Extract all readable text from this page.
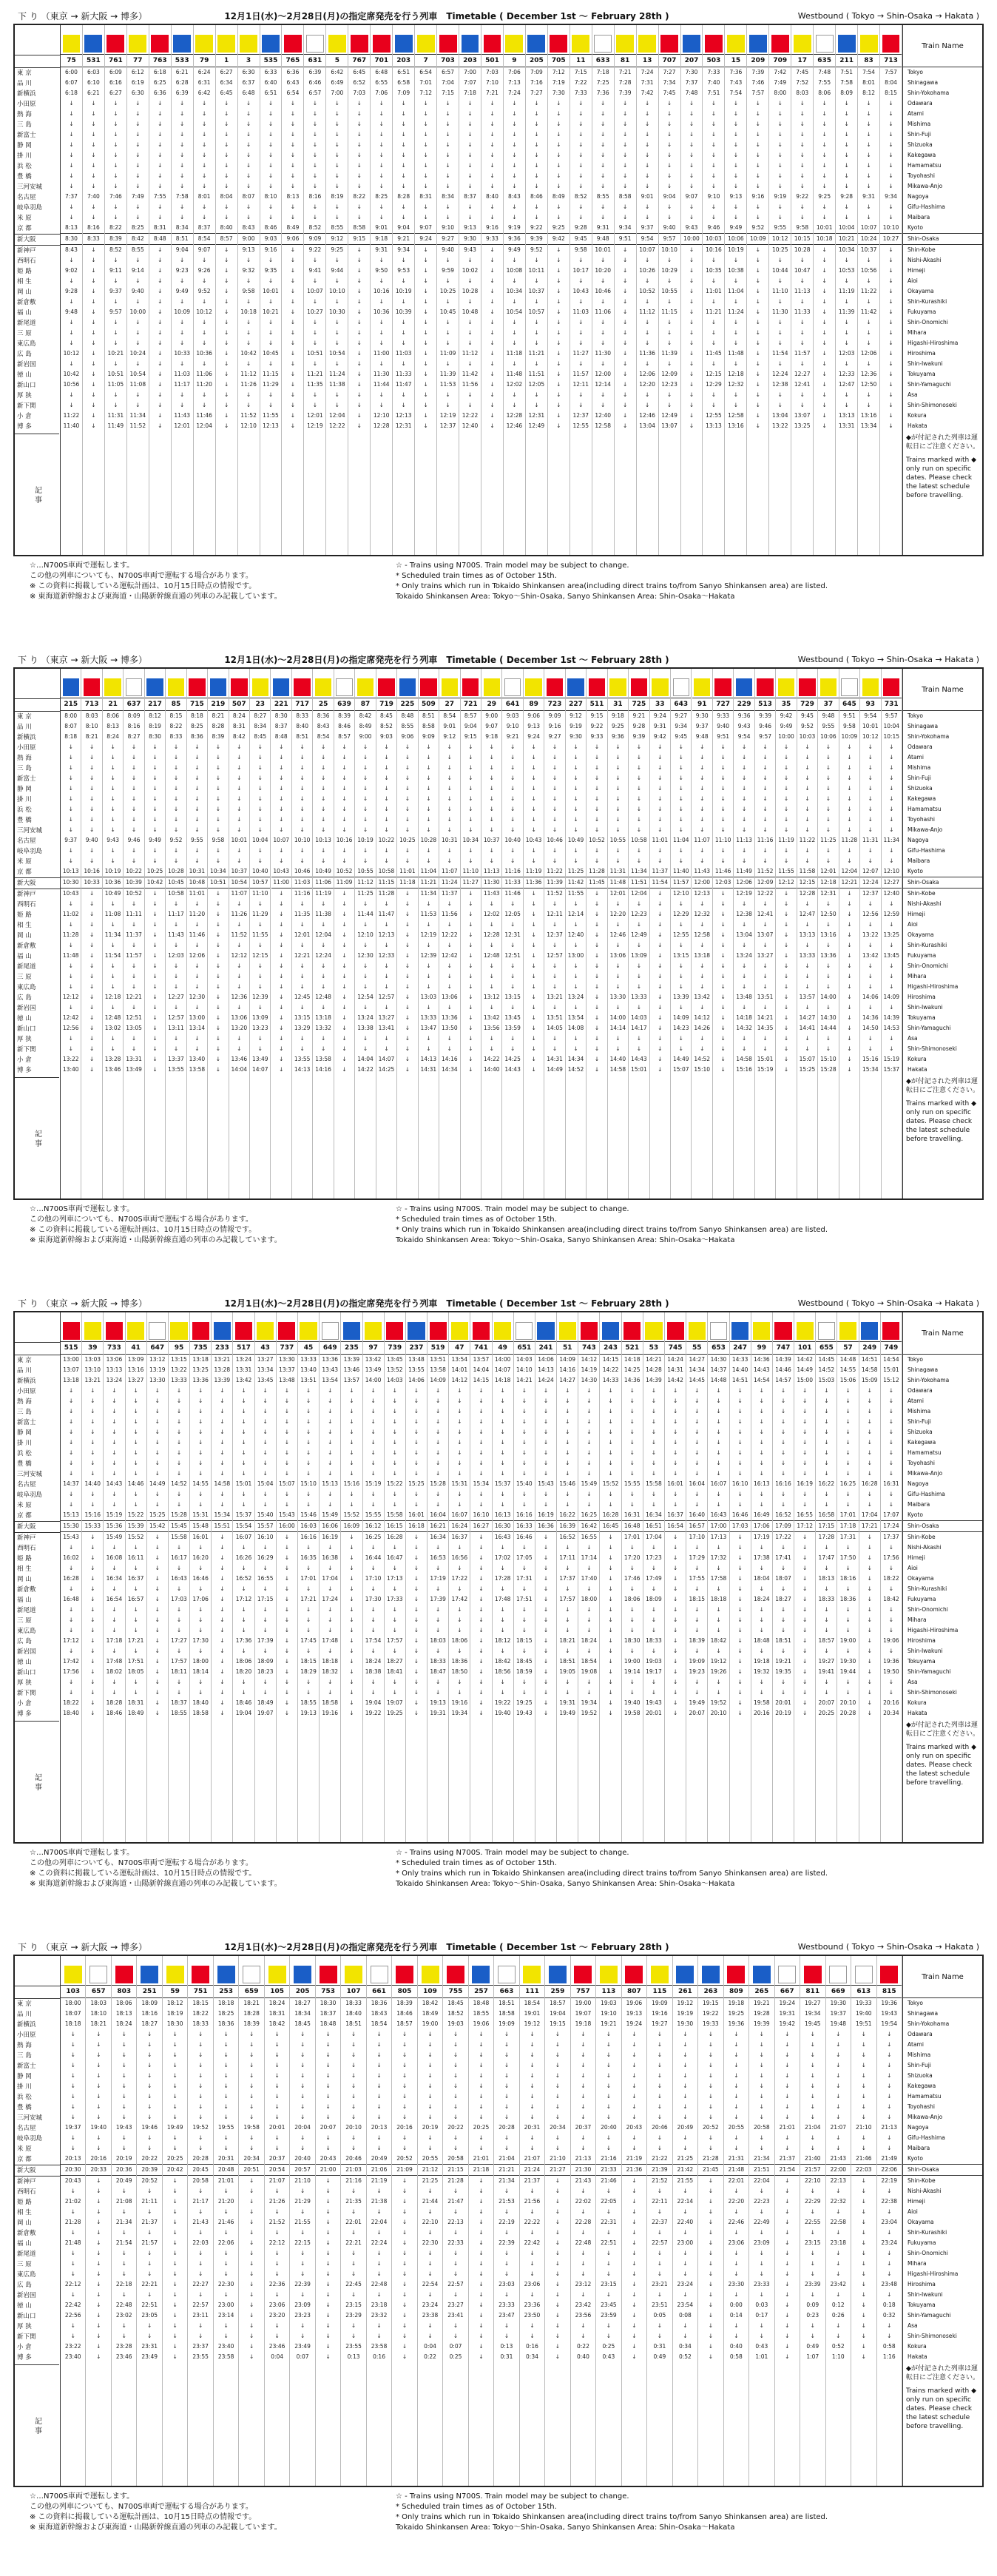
下 り （東京 → 新大阪 → 博多）	12月1日(水)～2月28日(月)の指定席発売を行う列車 Timetable ( December 1st ～ February 28th )	Westbound ( Tokyo → Shin-Osaka → Hakata )
東 京
品 川
新横浜
小田原
熱 海
三 島
新富士
静 岡
掛 川
浜 松
豊 橋
三河安城
名古屋
岐阜羽島
米 原
京 都
新大阪
新神戸
西明石
姫 路
相 生
岡 山
新倉敷
福 山
新尾道
三 原
東広島
広 島
新岩国
徳 山
新山口
厚 狭
新下関
小 倉
博 多
記 事
75
6:00
6:07
6:18
↓
↓
↓
↓
↓
↓
↓
↓
↓
7:37
↓
↓
8:13
8:30
8:43
↓
9:02
↓
9:28
↓
9:48
↓
↓
↓
10:12
↓
10:42
10:56
↓
↓
11:22
11:40
531
6:03
6:10
6:21
↓
↓
↓
↓
↓
↓
↓
↓
↓
7:40
↓
↓
8:16
8:33
↓
↓
↓
↓
↓
↓
↓
↓
↓
↓
↓
↓
↓
↓
↓
↓
↓
↓
761
6:09
6:16
6:27
↓
↓
↓
↓
↓
↓
↓
↓
↓
7:46
↓
↓
8:22
8:39
8:52
↓
9:11
↓
9:37
↓
9:57
↓
↓
↓
10:21
↓
10:51
11:05
↓
↓
11:31
11:49
77
6:12
6:19
6:30
↓
↓
↓
↓
↓
↓
↓
↓
↓
7:49
↓
↓
8:25
8:42
8:55
↓
9:14
↓
9:40
↓
10:00
↓
↓
↓
10:24
↓
10:54
11:08
↓
↓
11:34
11:52
763
6:18
6:25
6:36
↓
↓
↓
↓
↓
↓
↓
↓
↓
7:55
↓
↓
8:31
8:48
↓
↓
↓
↓
↓
↓
↓
↓
↓
↓
↓
↓
↓
↓
↓
↓
↓
↓
533
6:21
6:28
6:39
↓
↓
↓
↓
↓
↓
↓
↓
↓
7:58
↓
↓
8:34
8:51
9:04
↓
9:23
↓
9:49
↓
10:09
↓
↓
↓
10:33
↓
11:03
11:17
↓
↓
11:43
12:01
79
6:24
6:31
6:42
↓
↓
↓
↓
↓
↓
↓
↓
↓
8:01
↓
↓
8:37
8:54
9:07
↓
9:26
↓
9:52
↓
10:12
↓
↓
↓
10:36
↓
11:06
11:20
↓
↓
11:46
12:04
1
6:27
6:34
6:45
↓
↓
↓
↓
↓
↓
↓
↓
↓
8:04
↓
↓
8:40
8:57
↓
↓
↓
↓
↓
↓
↓
↓
↓
↓
↓
↓
↓
↓
↓
↓
↓
↓
3
6:30
6:37
6:48
↓
↓
↓
↓
↓
↓
↓
↓
↓
8:07
↓
↓
8:43
9:00
9:13
↓
9:32
↓
9:58
↓
10:18
↓
↓
↓
10:42
↓
11:12
11:26
↓
↓
11:52
12:10
535
6:33
6:40
6:51
↓
↓
↓
↓
↓
↓
↓
↓
↓
8:10
↓
↓
8:46
9:03
9:16
↓
9:35
↓
10:01
↓
10:21
↓
↓
↓
10:45
↓
11:15
11:29
↓
↓
11:55
12:13
765
6:36
6:43
6:54
↓
↓
↓
↓
↓
↓
↓
↓
↓
8:13
↓
↓
8:49
9:06
↓
↓
↓
↓
↓
↓
↓
↓
↓
↓
↓
↓
↓
↓
↓
↓
↓
↓
631
6:39
6:46
6:57
↓
↓
↓
↓
↓
↓
↓
↓
↓
8:16
↓
↓
8:52
9:09
9:22
↓
9:41
↓
10:07
↓
10:27
↓
↓
↓
10:51
↓
11:21
11:35
↓
↓
12:01
12:19
5
6:42
6:49
7:00
↓
↓
↓
↓
↓
↓
↓
↓
↓
8:19
↓
↓
8:55
9:12
9:25
↓
9:44
↓
10:10
↓
10:30
↓
↓
↓
10:54
↓
11:24
11:38
↓
↓
12:04
12:22
767
6:45
6:52
7:03
↓
↓
↓
↓
↓
↓
↓
↓
↓
8:22
↓
↓
8:58
9:15
↓
↓
↓
↓
↓
↓
↓
↓
↓
↓
↓
↓
↓
↓
↓
↓
↓
↓
701
6:48
6:55
7:06
↓
↓
↓
↓
↓
↓
↓
↓
↓
8:25
↓
↓
9:01
9:18
9:31
↓
9:50
↓
10:16
↓
10:36
↓
↓
↓
11:00
↓
11:30
11:44
↓
↓
12:10
12:28
203
6:51
6:58
7:09
↓
↓
↓
↓
↓
↓
↓
↓
↓
8:28
↓
↓
9:04
9:21
9:34
↓
9:53
↓
10:19
↓
10:39
↓
↓
↓
11:03
↓
11:33
11:47
↓
↓
12:13
12:31
7
6:54
7:01
7:12
↓
↓
↓
↓
↓
↓
↓
↓
↓
8:31
↓
↓
9:07
9:24
↓
↓
↓
↓
↓
↓
↓
↓
↓
↓
↓
↓
↓
↓
↓
↓
↓
↓
703
6:57
7:04
7:15
↓
↓
↓
↓
↓
↓
↓
↓
↓
8:34
↓
↓
9:10
9:27
9:40
↓
9:59
↓
10:25
↓
10:45
↓
↓
↓
11:09
↓
11:39
11:53
↓
↓
12:19
12:37
203
7:00
7:07
7:18
↓
↓
↓
↓
↓
↓
↓
↓
↓
8:37
↓
↓
9:13
9:30
9:43
↓
10:02
↓
10:28
↓
10:48
↓
↓
↓
11:12
↓
11:42
11:56
↓
↓
12:22
12:40
501
7:03
7:10
7:21
↓
↓
↓
↓
↓
↓
↓
↓
↓
8:40
↓
↓
9:16
9:33
↓
↓
↓
↓
↓
↓
↓
↓
↓
↓
↓
↓
↓
↓
↓
↓
↓
↓
9
7:06
7:13
7:24
↓
↓
↓
↓
↓
↓
↓
↓
↓
8:43
↓
↓
9:19
9:36
9:49
↓
10:08
↓
10:34
↓
10:54
↓
↓
↓
11:18
↓
11:48
12:02
↓
↓
12:28
12:46
205
7:09
7:16
7:27
↓
↓
↓
↓
↓
↓
↓
↓
↓
8:46
↓
↓
9:22
9:39
9:52
↓
10:11
↓
10:37
↓
10:57
↓
↓
↓
11:21
↓
11:51
12:05
↓
↓
12:31
12:49
705
7:12
7:19
7:30
↓
↓
↓
↓
↓
↓
↓
↓
↓
8:49
↓
↓
9:25
9:42
↓
↓
↓
↓
↓
↓
↓
↓
↓
↓
↓
↓
↓
↓
↓
↓
↓
↓
11
7:15
7:22
7:33
↓
↓
↓
↓
↓
↓
↓
↓
↓
8:52
↓
↓
9:28
9:45
9:58
↓
10:17
↓
10:43
↓
11:03
↓
↓
↓
11:27
↓
11:57
12:11
↓
↓
12:37
12:55
633
7:18
7:25
7:36
↓
↓
↓
↓
↓
↓
↓
↓
↓
8:55
↓
↓
9:31
9:48
10:01
↓
10:20
↓
10:46
↓
11:06
↓
↓
↓
11:30
↓
12:00
12:14
↓
↓
12:40
12:58
81
7:21
7:28
7:39
↓
↓
↓
↓
↓
↓
↓
↓
↓
8:58
↓
↓
9:34
9:51
↓
↓
↓
↓
↓
↓
↓
↓
↓
↓
↓
↓
↓
↓
↓
↓
↓
↓
13
7:24
7:31
7:42
↓
↓
↓
↓
↓
↓
↓
↓
↓
9:01
↓
↓
9:37
9:54
10:07
↓
10:26
↓
10:52
↓
11:12
↓
↓
↓
11:36
↓
12:06
12:20
↓
↓
12:46
13:04
707
7:27
7:34
7:45
↓
↓
↓
↓
↓
↓
↓
↓
↓
9:04
↓
↓
9:40
9:57
10:10
↓
10:29
↓
10:55
↓
11:15
↓
↓
↓
11:39
↓
12:09
12:23
↓
↓
12:49
13:07
207
7:30
7:37
7:48
↓
↓
↓
↓
↓
↓
↓
↓
↓
9:07
↓
↓
9:43
10:00
↓
↓
↓
↓
↓
↓
↓
↓
↓
↓
↓
↓
↓
↓
↓
↓
↓
↓
503
7:33
7:40
7:51
↓
↓
↓
↓
↓
↓
↓
↓
↓
9:10
↓
↓
9:46
10:03
10:16
↓
10:35
↓
11:01
↓
11:21
↓
↓
↓
11:45
↓
12:15
12:29
↓
↓
12:55
13:13
15
7:36
7:43
7:54
↓
↓
↓
↓
↓
↓
↓
↓
↓
9:13
↓
↓
9:49
10:06
10:19
↓
10:38
↓
11:04
↓
11:24
↓
↓
↓
11:48
↓
12:18
12:32
↓
↓
12:58
13:16
209
7:39
7:46
7:57
↓
↓
↓
↓
↓
↓
↓
↓
↓
9:16
↓
↓
9:52
10:09
↓
↓
↓
↓
↓
↓
↓
↓
↓
↓
↓
↓
↓
↓
↓
↓
↓
↓
709
7:42
7:49
8:00
↓
↓
↓
↓
↓
↓
↓
↓
↓
9:19
↓
↓
9:55
10:12
10:25
↓
10:44
↓
11:10
↓
11:30
↓
↓
↓
11:54
↓
12:24
12:38
↓
↓
13:04
13:22
17
7:45
7:52
8:03
↓
↓
↓
↓
↓
↓
↓
↓
↓
9:22
↓
↓
9:58
10:15
10:28
↓
10:47
↓
11:13
↓
11:33
↓
↓
↓
11:57
↓
12:27
12:41
↓
↓
13:07
13:25
635
7:48
7:55
8:06
↓
↓
↓
↓
↓
↓
↓
↓
↓
9:25
↓
↓
10:01
10:18
↓
↓
↓
↓
↓
↓
↓
↓
↓
↓
↓
↓
↓
↓
↓
↓
↓
↓
211
7:51
7:58
8:09
↓
↓
↓
↓
↓
↓
↓
↓
↓
9:28
↓
↓
10:04
10:21
10:34
↓
10:53
↓
11:19
↓
11:39
↓
↓
↓
12:03
↓
12:33
12:47
↓
↓
13:13
13:31
83
7:54
8:01
8:12
↓
↓
↓
↓
↓
↓
↓
↓
↓
9:31
↓
↓
10:07
10:24
10:37
↓
10:56
↓
11:22
↓
11:42
↓
↓
↓
12:06
↓
12:36
12:50
↓
↓
13:16
13:34
713
7:57
8:04
8:15
↓
↓
↓
↓
↓
↓
↓
↓
↓
9:34
↓
↓
10:10
10:27
↓
↓
↓
↓
↓
↓
↓
↓
↓
↓
↓
↓
↓
↓
↓
↓
↓
↓
Train Name
Tokyo
Shinagawa
Shin-Yokohama
Odawara
Atami
Mishima
Shin-Fuji
Shizuoka
Kakegawa
Hamamatsu
Toyohashi
Mikawa-Anjo
Nagoya
Gifu-Hashima
Maibara
Kyoto
Shin-Osaka
Shin-Kobe
Nishi-Akashi
Himeji
Aioi
Okayama
Shin-Kurashiki
Fukuyama
Shin-Onomichi
Mihara
Higashi-Hiroshima
Hiroshima
Shin-Iwakuni
Tokuyama
Shin-Yamaguchi
Asa
Shin-Shimonoseki
Kokura
Hakata
◆が付記された列車は運転日にご注意ください。
Trains marked with ◆ only run on specific dates. Please check the latest schedule before travelling.
☆…N700S車両で運転します。
この他の列車についても、N700S車両で運転する場合があります。
※ この資料に掲載している運転計画は、10月15日時点の情報です。
※ 東海道新幹線および東海道・山陽新幹線直通の列車のみ記載しています。
☆ - Trains using N700S. Train model may be subject to change.
* Scheduled train times as of October 15th.
* Only trains which run in Tokaido Shinkansen area(including direct trains to/from Sanyo Shinkansen area) are listed.
Tokaido Shinkansen Area: Tokyo～Shin-Osaka, Sanyo Shinkansen Area: Shin-Osaka～Hakata
下 り （東京 → 新大阪 → 博多）	12月1日(水)～2月28日(月)の指定席発売を行う列車 Timetable ( December 1st ～ February 28th )	Westbound ( Tokyo → Shin-Osaka → Hakata )
東 京
品 川
新横浜
小田原
熱 海
三 島
新富士
静 岡
掛 川
浜 松
豊 橋
三河安城
名古屋
岐阜羽島
米 原
京 都
新大阪
新神戸
西明石
姫 路
相 生
岡 山
新倉敷
福 山
新尾道
三 原
東広島
広 島
新岩国
徳 山
新山口
厚 狭
新下関
小 倉
博 多
記 事
215
8:00
8:07
8:18
↓
↓
↓
↓
↓
↓
↓
↓
↓
9:37
↓
↓
10:13
10:30
10:43
↓
11:02
↓
11:28
↓
11:48
↓
↓
↓
12:12
↓
12:42
12:56
↓
↓
13:22
13:40
713
8:03
8:10
8:21
↓
↓
↓
↓
↓
↓
↓
↓
↓
9:40
↓
↓
10:16
10:33
↓
↓
↓
↓
↓
↓
↓
↓
↓
↓
↓
↓
↓
↓
↓
↓
↓
↓
21
8:06
8:13
8:24
↓
↓
↓
↓
↓
↓
↓
↓
↓
9:43
↓
↓
10:19
10:36
10:49
↓
11:08
↓
11:34
↓
11:54
↓
↓
↓
12:18
↓
12:48
13:02
↓
↓
13:28
13:46
637
8:09
8:16
8:27
↓
↓
↓
↓
↓
↓
↓
↓
↓
9:46
↓
↓
10:22
10:39
10:52
↓
11:11
↓
11:37
↓
11:57
↓
↓
↓
12:21
↓
12:51
13:05
↓
↓
13:31
13:49
217
8:12
8:19
8:30
↓
↓
↓
↓
↓
↓
↓
↓
↓
9:49
↓
↓
10:25
10:42
↓
↓
↓
↓
↓
↓
↓
↓
↓
↓
↓
↓
↓
↓
↓
↓
↓
↓
85
8:15
8:22
8:33
↓
↓
↓
↓
↓
↓
↓
↓
↓
9:52
↓
↓
10:28
10:45
10:58
↓
11:17
↓
11:43
↓
12:03
↓
↓
↓
12:27
↓
12:57
13:11
↓
↓
13:37
13:55
715
8:18
8:25
8:36
↓
↓
↓
↓
↓
↓
↓
↓
↓
9:55
↓
↓
10:31
10:48
11:01
↓
11:20
↓
11:46
↓
12:06
↓
↓
↓
12:30
↓
13:00
13:14
↓
↓
13:40
13:58
219
8:21
8:28
8:39
↓
↓
↓
↓
↓
↓
↓
↓
↓
9:58
↓
↓
10:34
10:51
↓
↓
↓
↓
↓
↓
↓
↓
↓
↓
↓
↓
↓
↓
↓
↓
↓
↓
507
8:24
8:31
8:42
↓
↓
↓
↓
↓
↓
↓
↓
↓
10:01
↓
↓
10:37
10:54
11:07
↓
11:26
↓
11:52
↓
12:12
↓
↓
↓
12:36
↓
13:06
13:20
↓
↓
13:46
14:04
23
8:27
8:34
8:45
↓
↓
↓
↓
↓
↓
↓
↓
↓
10:04
↓
↓
10:40
10:57
11:10
↓
11:29
↓
11:55
↓
12:15
↓
↓
↓
12:39
↓
13:09
13:23
↓
↓
13:49
14:07
221
8:30
8:37
8:48
↓
↓
↓
↓
↓
↓
↓
↓
↓
10:07
↓
↓
10:43
11:00
↓
↓
↓
↓
↓
↓
↓
↓
↓
↓
↓
↓
↓
↓
↓
↓
↓
↓
717
8:33
8:40
8:51
↓
↓
↓
↓
↓
↓
↓
↓
↓
10:10
↓
↓
10:46
11:03
11:16
↓
11:35
↓
12:01
↓
12:21
↓
↓
↓
12:45
↓
13:15
13:29
↓
↓
13:55
14:13
25
8:36
8:43
8:54
↓
↓
↓
↓
↓
↓
↓
↓
↓
10:13
↓
↓
10:49
11:06
11:19
↓
11:38
↓
12:04
↓
12:24
↓
↓
↓
12:48
↓
13:18
13:32
↓
↓
13:58
14:16
639
8:39
8:46
8:57
↓
↓
↓
↓
↓
↓
↓
↓
↓
10:16
↓
↓
10:52
11:09
↓
↓
↓
↓
↓
↓
↓
↓
↓
↓
↓
↓
↓
↓
↓
↓
↓
↓
87
8:42
8:49
9:00
↓
↓
↓
↓
↓
↓
↓
↓
↓
10:19
↓
↓
10:55
11:12
11:25
↓
11:44
↓
12:10
↓
12:30
↓
↓
↓
12:54
↓
13:24
13:38
↓
↓
14:04
14:22
719
8:45
8:52
9:03
↓
↓
↓
↓
↓
↓
↓
↓
↓
10:22
↓
↓
10:58
11:15
11:28
↓
11:47
↓
12:13
↓
12:33
↓
↓
↓
12:57
↓
13:27
13:41
↓
↓
14:07
14:25
225
8:48
8:55
9:06
↓
↓
↓
↓
↓
↓
↓
↓
↓
10:25
↓
↓
11:01
11:18
↓
↓
↓
↓
↓
↓
↓
↓
↓
↓
↓
↓
↓
↓
↓
↓
↓
↓
509
8:51
8:58
9:09
↓
↓
↓
↓
↓
↓
↓
↓
↓
10:28
↓
↓
11:04
11:21
11:34
↓
11:53
↓
12:19
↓
12:39
↓
↓
↓
13:03
↓
13:33
13:47
↓
↓
14:13
14:31
27
8:54
9:01
9:12
↓
↓
↓
↓
↓
↓
↓
↓
↓
10:31
↓
↓
11:07
11:24
11:37
↓
11:56
↓
12:22
↓
12:42
↓
↓
↓
13:06
↓
13:36
13:50
↓
↓
14:16
14:34
721
8:57
9:04
9:15
↓
↓
↓
↓
↓
↓
↓
↓
↓
10:34
↓
↓
11:10
11:27
↓
↓
↓
↓
↓
↓
↓
↓
↓
↓
↓
↓
↓
↓
↓
↓
↓
↓
29
9:00
9:07
9:18
↓
↓
↓
↓
↓
↓
↓
↓
↓
10:37
↓
↓
11:13
11:30
11:43
↓
12:02
↓
12:28
↓
12:48
↓
↓
↓
13:12
↓
13:42
13:56
↓
↓
14:22
14:40
641
9:03
9:10
9:21
↓
↓
↓
↓
↓
↓
↓
↓
↓
10:40
↓
↓
11:16
11:33
11:46
↓
12:05
↓
12:31
↓
12:51
↓
↓
↓
13:15
↓
13:45
13:59
↓
↓
14:25
14:43
89
9:06
9:13
9:24
↓
↓
↓
↓
↓
↓
↓
↓
↓
10:43
↓
↓
11:19
11:36
↓
↓
↓
↓
↓
↓
↓
↓
↓
↓
↓
↓
↓
↓
↓
↓
↓
↓
723
9:09
9:16
9:27
↓
↓
↓
↓
↓
↓
↓
↓
↓
10:46
↓
↓
11:22
11:39
11:52
↓
12:11
↓
12:37
↓
12:57
↓
↓
↓
13:21
↓
13:51
14:05
↓
↓
14:31
14:49
227
9:12
9:19
9:30
↓
↓
↓
↓
↓
↓
↓
↓
↓
10:49
↓
↓
11:25
11:42
11:55
↓
12:14
↓
12:40
↓
13:00
↓
↓
↓
13:24
↓
13:54
14:08
↓
↓
14:34
14:52
511
9:15
9:22
9:33
↓
↓
↓
↓
↓
↓
↓
↓
↓
10:52
↓
↓
11:28
11:45
↓
↓
↓
↓
↓
↓
↓
↓
↓
↓
↓
↓
↓
↓
↓
↓
↓
↓
31
9:18
9:25
9:36
↓
↓
↓
↓
↓
↓
↓
↓
↓
10:55
↓
↓
11:31
11:48
12:01
↓
12:20
↓
12:46
↓
13:06
↓
↓
↓
13:30
↓
14:00
14:14
↓
↓
14:40
14:58
725
9:21
9:28
9:39
↓
↓
↓
↓
↓
↓
↓
↓
↓
10:58
↓
↓
11:34
11:51
12:04
↓
12:23
↓
12:49
↓
13:09
↓
↓
↓
13:33
↓
14:03
14:17
↓
↓
14:43
15:01
33
9:24
9:31
9:42
↓
↓
↓
↓
↓
↓
↓
↓
↓
11:01
↓
↓
11:37
11:54
↓
↓
↓
↓
↓
↓
↓
↓
↓
↓
↓
↓
↓
↓
↓
↓
↓
↓
643
9:27
9:34
9:45
↓
↓
↓
↓
↓
↓
↓
↓
↓
11:04
↓
↓
11:40
11:57
12:10
↓
12:29
↓
12:55
↓
13:15
↓
↓
↓
13:39
↓
14:09
14:23
↓
↓
14:49
15:07
91
9:30
9:37
9:48
↓
↓
↓
↓
↓
↓
↓
↓
↓
11:07
↓
↓
11:43
12:00
12:13
↓
12:32
↓
12:58
↓
13:18
↓
↓
↓
13:42
↓
14:12
14:26
↓
↓
14:52
15:10
727
9:33
9:40
9:51
↓
↓
↓
↓
↓
↓
↓
↓
↓
11:10
↓
↓
11:46
12:03
↓
↓
↓
↓
↓
↓
↓
↓
↓
↓
↓
↓
↓
↓
↓
↓
↓
↓
229
9:36
9:43
9:54
↓
↓
↓
↓
↓
↓
↓
↓
↓
11:13
↓
↓
11:49
12:06
12:19
↓
12:38
↓
13:04
↓
13:24
↓
↓
↓
13:48
↓
14:18
14:32
↓
↓
14:58
15:16
513
9:39
9:46
9:57
↓
↓
↓
↓
↓
↓
↓
↓
↓
11:16
↓
↓
11:52
12:09
12:22
↓
12:41
↓
13:07
↓
13:27
↓
↓
↓
13:51
↓
14:21
14:35
↓
↓
15:01
15:19
35
9:42
9:49
10:00
↓
↓
↓
↓
↓
↓
↓
↓
↓
11:19
↓
↓
11:55
12:12
↓
↓
↓
↓
↓
↓
↓
↓
↓
↓
↓
↓
↓
↓
↓
↓
↓
↓
729
9:45
9:52
10:03
↓
↓
↓
↓
↓
↓
↓
↓
↓
11:22
↓
↓
11:58
12:15
12:28
↓
12:47
↓
13:13
↓
13:33
↓
↓
↓
13:57
↓
14:27
14:41
↓
↓
15:07
15:25
37
9:48
9:55
10:06
↓
↓
↓
↓
↓
↓
↓
↓
↓
11:25
↓
↓
12:01
12:18
12:31
↓
12:50
↓
13:16
↓
13:36
↓
↓
↓
14:00
↓
14:30
14:44
↓
↓
15:10
15:28
645
9:51
9:58
10:09
↓
↓
↓
↓
↓
↓
↓
↓
↓
11:28
↓
↓
12:04
12:21
↓
↓
↓
↓
↓
↓
↓
↓
↓
↓
↓
↓
↓
↓
↓
↓
↓
↓
93
9:54
10:01
10:12
↓
↓
↓
↓
↓
↓
↓
↓
↓
11:31
↓
↓
12:07
12:24
12:37
↓
12:56
↓
13:22
↓
13:42
↓
↓
↓
14:06
↓
14:36
14:50
↓
↓
15:16
15:34
731
9:57
10:04
10:15
↓
↓
↓
↓
↓
↓
↓
↓
↓
11:34
↓
↓
12:10
12:27
12:40
↓
12:59
↓
13:25
↓
13:45
↓
↓
↓
14:09
↓
14:39
14:53
↓
↓
15:19
15:37
Train Name
Tokyo
Shinagawa
Shin-Yokohama
Odawara
Atami
Mishima
Shin-Fuji
Shizuoka
Kakegawa
Hamamatsu
Toyohashi
Mikawa-Anjo
Nagoya
Gifu-Hashima
Maibara
Kyoto
Shin-Osaka
Shin-Kobe
Nishi-Akashi
Himeji
Aioi
Okayama
Shin-Kurashiki
Fukuyama
Shin-Onomichi
Mihara
Higashi-Hiroshima
Hiroshima
Shin-Iwakuni
Tokuyama
Shin-Yamaguchi
Asa
Shin-Shimonoseki
Kokura
Hakata
◆が付記された列車は運転日にご注意ください。
Trains marked with ◆ only run on specific dates. Please check the latest schedule before travelling.
☆…N700S車両で運転します。
この他の列車についても、N700S車両で運転する場合があります。
※ この資料に掲載している運転計画は、10月15日時点の情報です。
※ 東海道新幹線および東海道・山陽新幹線直通の列車のみ記載しています。
☆ - Trains using N700S. Train model may be subject to change.
* Scheduled train times as of October 15th.
* Only trains which run in Tokaido Shinkansen area(including direct trains to/from Sanyo Shinkansen area) are listed.
Tokaido Shinkansen Area: Tokyo～Shin-Osaka, Sanyo Shinkansen Area: Shin-Osaka～Hakata
下 り （東京 → 新大阪 → 博多）	12月1日(水)～2月28日(月)の指定席発売を行う列車 Timetable ( December 1st ～ February 28th )	Westbound ( Tokyo → Shin-Osaka → Hakata )
東 京
品 川
新横浜
小田原
熱 海
三 島
新富士
静 岡
掛 川
浜 松
豊 橋
三河安城
名古屋
岐阜羽島
米 原
京 都
新大阪
新神戸
西明石
姫 路
相 生
岡 山
新倉敷
福 山
新尾道
三 原
東広島
広 島
新岩国
徳 山
新山口
厚 狭
新下関
小 倉
博 多
記 事
515
13:00
13:07
13:18
↓
↓
↓
↓
↓
↓
↓
↓
↓
14:37
↓
↓
15:13
15:30
15:43
↓
16:02
↓
16:28
↓
16:48
↓
↓
↓
17:12
↓
17:42
17:56
↓
↓
18:22
18:40
39
13:03
13:10
13:21
↓
↓
↓
↓
↓
↓
↓
↓
↓
14:40
↓
↓
15:16
15:33
↓
↓
↓
↓
↓
↓
↓
↓
↓
↓
↓
↓
↓
↓
↓
↓
↓
↓
733
13:06
13:13
13:24
↓
↓
↓
↓
↓
↓
↓
↓
↓
14:43
↓
↓
15:19
15:36
15:49
↓
16:08
↓
16:34
↓
16:54
↓
↓
↓
17:18
↓
17:48
18:02
↓
↓
18:28
18:46
41
13:09
13:16
13:27
↓
↓
↓
↓
↓
↓
↓
↓
↓
14:46
↓
↓
15:22
15:39
15:52
↓
16:11
↓
16:37
↓
16:57
↓
↓
↓
17:21
↓
17:51
18:05
↓
↓
18:31
18:49
647
13:12
13:19
13:30
↓
↓
↓
↓
↓
↓
↓
↓
↓
14:49
↓
↓
15:25
15:42
↓
↓
↓
↓
↓
↓
↓
↓
↓
↓
↓
↓
↓
↓
↓
↓
↓
↓
95
13:15
13:22
13:33
↓
↓
↓
↓
↓
↓
↓
↓
↓
14:52
↓
↓
15:28
15:45
15:58
↓
16:17
↓
16:43
↓
17:03
↓
↓
↓
17:27
↓
17:57
18:11
↓
↓
18:37
18:55
735
13:18
13:25
13:36
↓
↓
↓
↓
↓
↓
↓
↓
↓
14:55
↓
↓
15:31
15:48
16:01
↓
16:20
↓
16:46
↓
17:06
↓
↓
↓
17:30
↓
18:00
18:14
↓
↓
18:40
18:58
233
13:21
13:28
13:39
↓
↓
↓
↓
↓
↓
↓
↓
↓
14:58
↓
↓
15:34
15:51
↓
↓
↓
↓
↓
↓
↓
↓
↓
↓
↓
↓
↓
↓
↓
↓
↓
↓
517
13:24
13:31
13:42
↓
↓
↓
↓
↓
↓
↓
↓
↓
15:01
↓
↓
15:37
15:54
16:07
↓
16:26
↓
16:52
↓
17:12
↓
↓
↓
17:36
↓
18:06
18:20
↓
↓
18:46
19:04
43
13:27
13:34
13:45
↓
↓
↓
↓
↓
↓
↓
↓
↓
15:04
↓
↓
15:40
15:57
16:10
↓
16:29
↓
16:55
↓
17:15
↓
↓
↓
17:39
↓
18:09
18:23
↓
↓
18:49
19:07
737
13:30
13:37
13:48
↓
↓
↓
↓
↓
↓
↓
↓
↓
15:07
↓
↓
15:43
16:00
↓
↓
↓
↓
↓
↓
↓
↓
↓
↓
↓
↓
↓
↓
↓
↓
↓
↓
45
13:33
13:40
13:51
↓
↓
↓
↓
↓
↓
↓
↓
↓
15:10
↓
↓
15:46
16:03
16:16
↓
16:35
↓
17:01
↓
17:21
↓
↓
↓
17:45
↓
18:15
18:29
↓
↓
18:55
19:13
649
13:36
13:43
13:54
↓
↓
↓
↓
↓
↓
↓
↓
↓
15:13
↓
↓
15:49
16:06
16:19
↓
16:38
↓
17:04
↓
17:24
↓
↓
↓
17:48
↓
18:18
18:32
↓
↓
18:58
19:16
235
13:39
13:46
13:57
↓
↓
↓
↓
↓
↓
↓
↓
↓
15:16
↓
↓
15:52
16:09
↓
↓
↓
↓
↓
↓
↓
↓
↓
↓
↓
↓
↓
↓
↓
↓
↓
↓
97
13:42
13:49
14:00
↓
↓
↓
↓
↓
↓
↓
↓
↓
15:19
↓
↓
15:55
16:12
16:25
↓
16:44
↓
17:10
↓
17:30
↓
↓
↓
17:54
↓
18:24
18:38
↓
↓
19:04
19:22
739
13:45
13:52
14:03
↓
↓
↓
↓
↓
↓
↓
↓
↓
15:22
↓
↓
15:58
16:15
16:28
↓
16:47
↓
17:13
↓
17:33
↓
↓
↓
17:57
↓
18:27
18:41
↓
↓
19:07
19:25
237
13:48
13:55
14:06
↓
↓
↓
↓
↓
↓
↓
↓
↓
15:25
↓
↓
16:01
16:18
↓
↓
↓
↓
↓
↓
↓
↓
↓
↓
↓
↓
↓
↓
↓
↓
↓
↓
519
13:51
13:58
14:09
↓
↓
↓
↓
↓
↓
↓
↓
↓
15:28
↓
↓
16:04
16:21
16:34
↓
16:53
↓
17:19
↓
17:39
↓
↓
↓
18:03
↓
18:33
18:47
↓
↓
19:13
19:31
47
13:54
14:01
14:12
↓
↓
↓
↓
↓
↓
↓
↓
↓
15:31
↓
↓
16:07
16:24
16:37
↓
16:56
↓
17:22
↓
17:42
↓
↓
↓
18:06
↓
18:36
18:50
↓
↓
19:16
19:34
741
13:57
14:04
14:15
↓
↓
↓
↓
↓
↓
↓
↓
↓
15:34
↓
↓
16:10
16:27
↓
↓
↓
↓
↓
↓
↓
↓
↓
↓
↓
↓
↓
↓
↓
↓
↓
↓
49
14:00
14:07
14:18
↓
↓
↓
↓
↓
↓
↓
↓
↓
15:37
↓
↓
16:13
16:30
16:43
↓
17:02
↓
17:28
↓
17:48
↓
↓
↓
18:12
↓
18:42
18:56
↓
↓
19:22
19:40
651
14:03
14:10
14:21
↓
↓
↓
↓
↓
↓
↓
↓
↓
15:40
↓
↓
16:16
16:33
16:46
↓
17:05
↓
17:31
↓
17:51
↓
↓
↓
18:15
↓
18:45
18:59
↓
↓
19:25
19:43
241
14:06
14:13
14:24
↓
↓
↓
↓
↓
↓
↓
↓
↓
15:43
↓
↓
16:19
16:36
↓
↓
↓
↓
↓
↓
↓
↓
↓
↓
↓
↓
↓
↓
↓
↓
↓
↓
51
14:09
14:16
14:27
↓
↓
↓
↓
↓
↓
↓
↓
↓
15:46
↓
↓
16:22
16:39
16:52
↓
17:11
↓
17:37
↓
17:57
↓
↓
↓
18:21
↓
18:51
19:05
↓
↓
19:31
19:49
743
14:12
14:19
14:30
↓
↓
↓
↓
↓
↓
↓
↓
↓
15:49
↓
↓
16:25
16:42
16:55
↓
17:14
↓
17:40
↓
18:00
↓
↓
↓
18:24
↓
18:54
19:08
↓
↓
19:34
19:52
243
14:15
14:22
14:33
↓
↓
↓
↓
↓
↓
↓
↓
↓
15:52
↓
↓
16:28
16:45
↓
↓
↓
↓
↓
↓
↓
↓
↓
↓
↓
↓
↓
↓
↓
↓
↓
↓
521
14:18
14:25
14:36
↓
↓
↓
↓
↓
↓
↓
↓
↓
15:55
↓
↓
16:31
16:48
17:01
↓
17:20
↓
17:46
↓
18:06
↓
↓
↓
18:30
↓
19:00
19:14
↓
↓
19:40
19:58
53
14:21
14:28
14:39
↓
↓
↓
↓
↓
↓
↓
↓
↓
15:58
↓
↓
16:34
16:51
17:04
↓
17:23
↓
17:49
↓
18:09
↓
↓
↓
18:33
↓
19:03
19:17
↓
↓
19:43
20:01
745
14:24
14:31
14:42
↓
↓
↓
↓
↓
↓
↓
↓
↓
16:01
↓
↓
16:37
16:54
↓
↓
↓
↓
↓
↓
↓
↓
↓
↓
↓
↓
↓
↓
↓
↓
↓
↓
55
14:27
14:34
14:45
↓
↓
↓
↓
↓
↓
↓
↓
↓
16:04
↓
↓
16:40
16:57
17:10
↓
17:29
↓
17:55
↓
18:15
↓
↓
↓
18:39
↓
19:09
19:23
↓
↓
19:49
20:07
653
14:30
14:37
14:48
↓
↓
↓
↓
↓
↓
↓
↓
↓
16:07
↓
↓
16:43
17:00
17:13
↓
17:32
↓
17:58
↓
18:18
↓
↓
↓
18:42
↓
19:12
19:26
↓
↓
19:52
20:10
247
14:33
14:40
14:51
↓
↓
↓
↓
↓
↓
↓
↓
↓
16:10
↓
↓
16:46
17:03
↓
↓
↓
↓
↓
↓
↓
↓
↓
↓
↓
↓
↓
↓
↓
↓
↓
↓
99
14:36
14:43
14:54
↓
↓
↓
↓
↓
↓
↓
↓
↓
16:13
↓
↓
16:49
17:06
17:19
↓
17:38
↓
18:04
↓
18:24
↓
↓
↓
18:48
↓
19:18
19:32
↓
↓
19:58
20:16
747
14:39
14:46
14:57
↓
↓
↓
↓
↓
↓
↓
↓
↓
16:16
↓
↓
16:52
17:09
17:22
↓
17:41
↓
18:07
↓
18:27
↓
↓
↓
18:51
↓
19:21
19:35
↓
↓
20:01
20:19
101
14:42
14:49
15:00
↓
↓
↓
↓
↓
↓
↓
↓
↓
16:19
↓
↓
16:55
17:12
↓
↓
↓
↓
↓
↓
↓
↓
↓
↓
↓
↓
↓
↓
↓
↓
↓
↓
655
14:45
14:52
15:03
↓
↓
↓
↓
↓
↓
↓
↓
↓
16:22
↓
↓
16:58
17:15
17:28
↓
17:47
↓
18:13
↓
18:33
↓
↓
↓
18:57
↓
19:27
19:41
↓
↓
20:07
20:25
57
14:48
14:55
15:06
↓
↓
↓
↓
↓
↓
↓
↓
↓
16:25
↓
↓
17:01
17:18
17:31
↓
17:50
↓
18:16
↓
18:36
↓
↓
↓
19:00
↓
19:30
19:44
↓
↓
20:10
20:28
249
14:51
14:58
15:09
↓
↓
↓
↓
↓
↓
↓
↓
↓
16:28
↓
↓
17:04
17:21
↓
↓
↓
↓
↓
↓
↓
↓
↓
↓
↓
↓
↓
↓
↓
↓
↓
↓
749
14:54
15:01
15:12
↓
↓
↓
↓
↓
↓
↓
↓
↓
16:31
↓
↓
17:07
17:24
17:37
↓
17:56
↓
18:22
↓
18:42
↓
↓
↓
19:06
↓
19:36
19:50
↓
↓
20:16
20:34
Train Name
Tokyo
Shinagawa
Shin-Yokohama
Odawara
Atami
Mishima
Shin-Fuji
Shizuoka
Kakegawa
Hamamatsu
Toyohashi
Mikawa-Anjo
Nagoya
Gifu-Hashima
Maibara
Kyoto
Shin-Osaka
Shin-Kobe
Nishi-Akashi
Himeji
Aioi
Okayama
Shin-Kurashiki
Fukuyama
Shin-Onomichi
Mihara
Higashi-Hiroshima
Hiroshima
Shin-Iwakuni
Tokuyama
Shin-Yamaguchi
Asa
Shin-Shimonoseki
Kokura
Hakata
◆が付記された列車は運転日にご注意ください。
Trains marked with ◆ only run on specific dates. Please check the latest schedule before travelling.
☆…N700S車両で運転します。
この他の列車についても、N700S車両で運転する場合があります。
※ この資料に掲載している運転計画は、10月15日時点の情報です。
※ 東海道新幹線および東海道・山陽新幹線直通の列車のみ記載しています。
☆ - Trains using N700S. Train model may be subject to change.
* Scheduled train times as of October 15th.
* Only trains which run in Tokaido Shinkansen area(including direct trains to/from Sanyo Shinkansen area) are listed.
Tokaido Shinkansen Area: Tokyo～Shin-Osaka, Sanyo Shinkansen Area: Shin-Osaka～Hakata
下 り （東京 → 新大阪 → 博多）	12月1日(水)～2月28日(月)の指定席発売を行う列車 Timetable ( December 1st ～ February 28th )	Westbound ( Tokyo → Shin-Osaka → Hakata )
東 京
品 川
新横浜
小田原
熱 海
三 島
新富士
静 岡
掛 川
浜 松
豊 橋
三河安城
名古屋
岐阜羽島
米 原
京 都
新大阪
新神戸
西明石
姫 路
相 生
岡 山
新倉敷
福 山
新尾道
三 原
東広島
広 島
新岩国
徳 山
新山口
厚 狭
新下関
小 倉
博 多
記 事
103
18:00
18:07
18:18
↓
↓
↓
↓
↓
↓
↓
↓
↓
19:37
↓
↓
20:13
20:30
20:43
↓
21:02
↓
21:28
↓
21:48
↓
↓
↓
22:12
↓
22:42
22:56
↓
↓
23:22
23:40
657
18:03
18:10
18:21
↓
↓
↓
↓
↓
↓
↓
↓
↓
19:40
↓
↓
20:16
20:33
↓
↓
↓
↓
↓
↓
↓
↓
↓
↓
↓
↓
↓
↓
↓
↓
↓
↓
803
18:06
18:13
18:24
↓
↓
↓
↓
↓
↓
↓
↓
↓
19:43
↓
↓
20:19
20:36
20:49
↓
21:08
↓
21:34
↓
21:54
↓
↓
↓
22:18
↓
22:48
23:02
↓
↓
23:28
23:46
251
18:09
18:16
18:27
↓
↓
↓
↓
↓
↓
↓
↓
↓
19:46
↓
↓
20:22
20:39
20:52
↓
21:11
↓
21:37
↓
21:57
↓
↓
↓
22:21
↓
22:51
23:05
↓
↓
23:31
23:49
59
18:12
18:19
18:30
↓
↓
↓
↓
↓
↓
↓
↓
↓
19:49
↓
↓
20:25
20:42
↓
↓
↓
↓
↓
↓
↓
↓
↓
↓
↓
↓
↓
↓
↓
↓
↓
↓
751
18:15
18:22
18:33
↓
↓
↓
↓
↓
↓
↓
↓
↓
19:52
↓
↓
20:28
20:45
20:58
↓
21:17
↓
21:43
↓
22:03
↓
↓
↓
22:27
↓
22:57
23:11
↓
↓
23:37
23:55
253
18:18
18:25
18:36
↓
↓
↓
↓
↓
↓
↓
↓
↓
19:55
↓
↓
20:31
20:48
21:01
↓
21:20
↓
21:46
↓
22:06
↓
↓
↓
22:30
↓
23:00
23:14
↓
↓
23:40
23:58
659
18:21
18:28
18:39
↓
↓
↓
↓
↓
↓
↓
↓
↓
19:58
↓
↓
20:34
20:51
↓
↓
↓
↓
↓
↓
↓
↓
↓
↓
↓
↓
↓
↓
↓
↓
↓
↓
105
18:24
18:31
18:42
↓
↓
↓
↓
↓
↓
↓
↓
↓
20:01
↓
↓
20:37
20:54
21:07
↓
21:26
↓
21:52
↓
22:12
↓
↓
↓
22:36
↓
23:06
23:20
↓
↓
23:46
0:04
205
18:27
18:34
18:45
↓
↓
↓
↓
↓
↓
↓
↓
↓
20:04
↓
↓
20:40
20:57
21:10
↓
21:29
↓
21:55
↓
22:15
↓
↓
↓
22:39
↓
23:09
23:23
↓
↓
23:49
0:07
753
18:30
18:37
18:48
↓
↓
↓
↓
↓
↓
↓
↓
↓
20:07
↓
↓
20:43
21:00
↓
↓
↓
↓
↓
↓
↓
↓
↓
↓
↓
↓
↓
↓
↓
↓
↓
↓
107
18:33
18:40
18:51
↓
↓
↓
↓
↓
↓
↓
↓
↓
20:10
↓
↓
20:46
21:03
21:16
↓
21:35
↓
22:01
↓
22:21
↓
↓
↓
22:45
↓
23:15
23:29
↓
↓
23:55
0:13
661
18:36
18:43
18:54
↓
↓
↓
↓
↓
↓
↓
↓
↓
20:13
↓
↓
20:49
21:06
21:19
↓
21:38
↓
22:04
↓
22:24
↓
↓
↓
22:48
↓
23:18
23:32
↓
↓
23:58
0:16
805
18:39
18:46
18:57
↓
↓
↓
↓
↓
↓
↓
↓
↓
20:16
↓
↓
20:52
21:09
↓
↓
↓
↓
↓
↓
↓
↓
↓
↓
↓
↓
↓
↓
↓
↓
↓
↓
109
18:42
18:49
19:00
↓
↓
↓
↓
↓
↓
↓
↓
↓
20:19
↓
↓
20:55
21:12
21:25
↓
21:44
↓
22:10
↓
22:30
↓
↓
↓
22:54
↓
23:24
23:38
↓
↓
0:04
0:22
755
18:45
18:52
19:03
↓
↓
↓
↓
↓
↓
↓
↓
↓
20:22
↓
↓
20:58
21:15
21:28
↓
21:47
↓
22:13
↓
22:33
↓
↓
↓
22:57
↓
23:27
23:41
↓
↓
0:07
0:25
257
18:48
18:55
19:06
↓
↓
↓
↓
↓
↓
↓
↓
↓
20:25
↓
↓
21:01
21:18
↓
↓
↓
↓
↓
↓
↓
↓
↓
↓
↓
↓
↓
↓
↓
↓
↓
↓
663
18:51
18:58
19:09
↓
↓
↓
↓
↓
↓
↓
↓
↓
20:28
↓
↓
21:04
21:21
21:34
↓
21:53
↓
22:19
↓
22:39
↓
↓
↓
23:03
↓
23:33
23:47
↓
↓
0:13
0:31
111
18:54
19:01
19:12
↓
↓
↓
↓
↓
↓
↓
↓
↓
20:31
↓
↓
21:07
21:24
21:37
↓
21:56
↓
22:22
↓
22:42
↓
↓
↓
23:06
↓
23:36
23:50
↓
↓
0:16
0:34
259
18:57
19:04
19:15
↓
↓
↓
↓
↓
↓
↓
↓
↓
20:34
↓
↓
21:10
21:27
↓
↓
↓
↓
↓
↓
↓
↓
↓
↓
↓
↓
↓
↓
↓
↓
↓
↓
757
19:00
19:07
19:18
↓
↓
↓
↓
↓
↓
↓
↓
↓
20:37
↓
↓
21:13
21:30
21:43
↓
22:02
↓
22:28
↓
22:48
↓
↓
↓
23:12
↓
23:42
23:56
↓
↓
0:22
0:40
113
19:03
19:10
19:21
↓
↓
↓
↓
↓
↓
↓
↓
↓
20:40
↓
↓
21:16
21:33
21:46
↓
22:05
↓
22:31
↓
22:51
↓
↓
↓
23:15
↓
23:45
23:59
↓
↓
0:25
0:43
807
19:06
19:13
19:24
↓
↓
↓
↓
↓
↓
↓
↓
↓
20:43
↓
↓
21:19
21:36
↓
↓
↓
↓
↓
↓
↓
↓
↓
↓
↓
↓
↓
↓
↓
↓
↓
↓
115
19:09
19:16
19:27
↓
↓
↓
↓
↓
↓
↓
↓
↓
20:46
↓
↓
21:22
21:39
21:52
↓
22:11
↓
22:37
↓
22:57
↓
↓
↓
23:21
↓
23:51
0:05
↓
↓
0:31
0:49
261
19:12
19:19
19:30
↓
↓
↓
↓
↓
↓
↓
↓
↓
20:49
↓
↓
21:25
21:42
21:55
↓
22:14
↓
22:40
↓
23:00
↓
↓
↓
23:24
↓
23:54
0:08
↓
↓
0:34
0:52
263
19:15
19:22
19:33
↓
↓
↓
↓
↓
↓
↓
↓
↓
20:52
↓
↓
21:28
21:45
↓
↓
↓
↓
↓
↓
↓
↓
↓
↓
↓
↓
↓
↓
↓
↓
↓
↓
809
19:18
19:25
19:36
↓
↓
↓
↓
↓
↓
↓
↓
↓
20:55
↓
↓
21:31
21:48
22:01
↓
22:20
↓
22:46
↓
23:06
↓
↓
↓
23:30
↓
0:00
0:14
↓
↓
0:40
0:58
265
19:21
19:28
19:39
↓
↓
↓
↓
↓
↓
↓
↓
↓
20:58
↓
↓
21:34
21:51
22:04
↓
22:23
↓
22:49
↓
23:09
↓
↓
↓
23:33
↓
0:03
0:17
↓
↓
0:43
1:01
667
19:24
19:31
19:42
↓
↓
↓
↓
↓
↓
↓
↓
↓
21:01
↓
↓
21:37
21:54
↓
↓
↓
↓
↓
↓
↓
↓
↓
↓
↓
↓
↓
↓
↓
↓
↓
↓
811
19:27
19:34
19:45
↓
↓
↓
↓
↓
↓
↓
↓
↓
21:04
↓
↓
21:40
21:57
22:10
↓
22:29
↓
22:55
↓
23:15
↓
↓
↓
23:39
↓
0:09
0:23
↓
↓
0:49
1:07
669
19:30
19:37
19:48
↓
↓
↓
↓
↓
↓
↓
↓
↓
21:07
↓
↓
21:43
22:00
22:13
↓
22:32
↓
22:58
↓
23:18
↓
↓
↓
23:42
↓
0:12
0:26
↓
↓
0:52
1:10
613
19:33
19:40
19:51
↓
↓
↓
↓
↓
↓
↓
↓
↓
21:10
↓
↓
21:46
22:03
↓
↓
↓
↓
↓
↓
↓
↓
↓
↓
↓
↓
↓
↓
↓
↓
↓
↓
815
19:36
19:43
19:54
↓
↓
↓
↓
↓
↓
↓
↓
↓
21:13
↓
↓
21:49
22:06
22:19
↓
22:38
↓
23:04
↓
23:24
↓
↓
↓
23:48
↓
0:18
0:32
↓
↓
0:58
1:16
Train Name
Tokyo
Shinagawa
Shin-Yokohama
Odawara
Atami
Mishima
Shin-Fuji
Shizuoka
Kakegawa
Hamamatsu
Toyohashi
Mikawa-Anjo
Nagoya
Gifu-Hashima
Maibara
Kyoto
Shin-Osaka
Shin-Kobe
Nishi-Akashi
Himeji
Aioi
Okayama
Shin-Kurashiki
Fukuyama
Shin-Onomichi
Mihara
Higashi-Hiroshima
Hiroshima
Shin-Iwakuni
Tokuyama
Shin-Yamaguchi
Asa
Shin-Shimonoseki
Kokura
Hakata
◆が付記された列車は運転日にご注意ください。
Trains marked with ◆ only run on specific dates. Please check the latest schedule before travelling.
☆…N700S車両で運転します。
この他の列車についても、N700S車両で運転する場合があります。
※ この資料に掲載している運転計画は、10月15日時点の情報です。
※ 東海道新幹線および東海道・山陽新幹線直通の列車のみ記載しています。
☆ - Trains using N700S. Train model may be subject to change.
* Scheduled train times as of October 15th.
* Only trains which run in Tokaido Shinkansen area(including direct trains to/from Sanyo Shinkansen area) are listed.
Tokaido Shinkansen Area: Tokyo～Shin-Osaka, Sanyo Shinkansen Area: Shin-Osaka～Hakata
